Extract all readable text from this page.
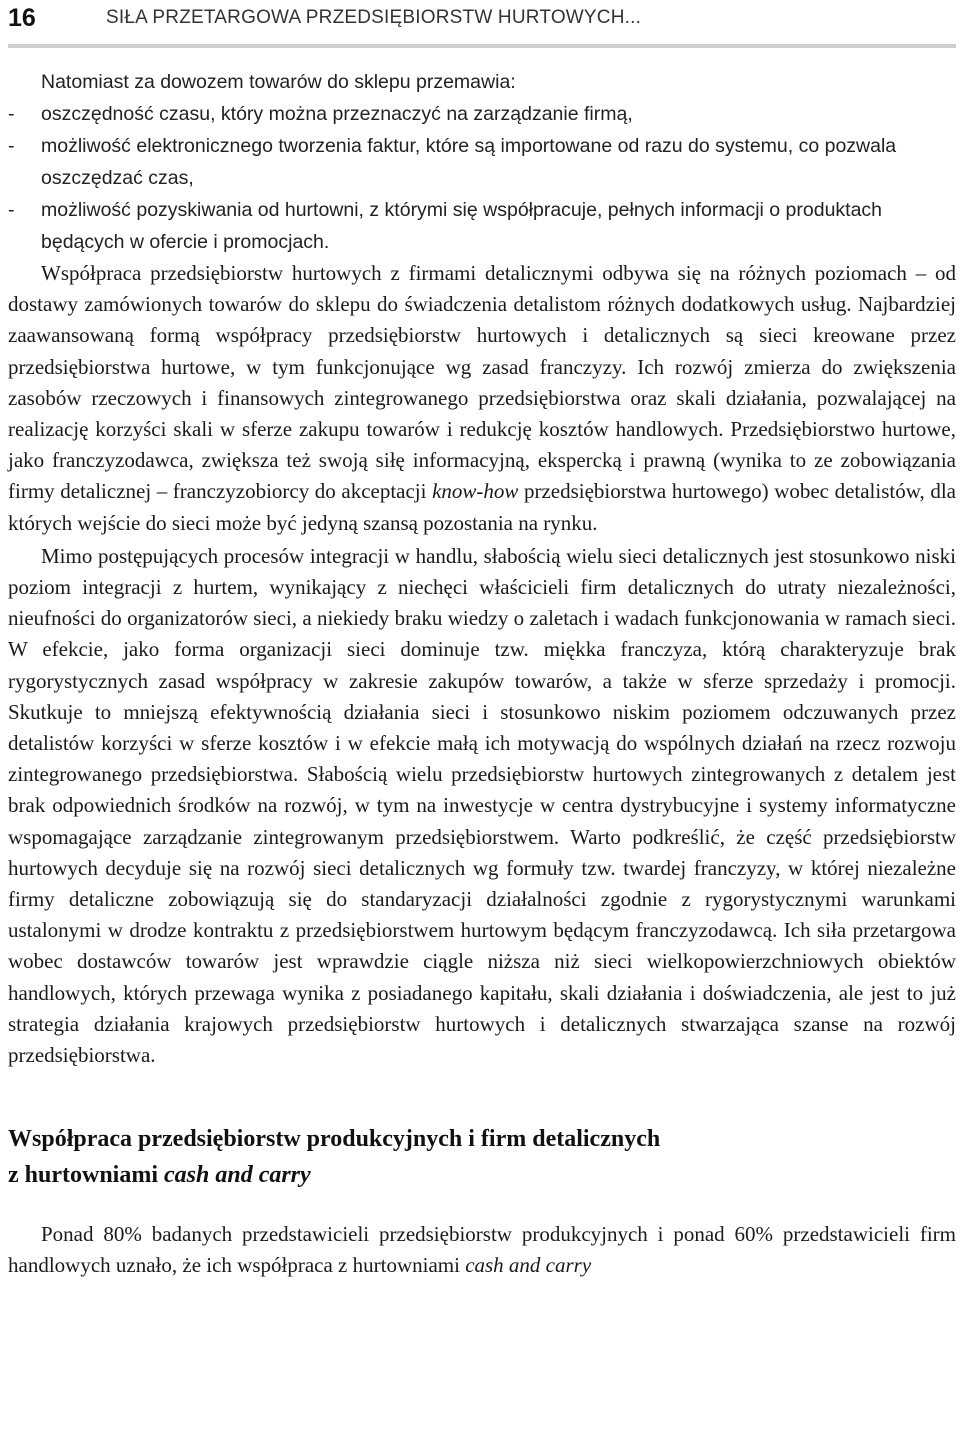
16	SIŁA PRZETARGOWA PRZEDSIĘBIORSTW HURTOWYCH...
Natomiast za dowozem towarów do sklepu przemawia:
-	oszczędność czasu, który można przeznaczyć na zarządzanie firmą,
-	możliwość elektronicznego tworzenia faktur, które są importowane od razu do systemu, co pozwala oszczędzać czas,
-	możliwość pozyskiwania od hurtowni, z którymi się współpracuje, pełnych informacji o produktach będących w ofercie i promocjach.

Współpraca przedsiębiorstw hurtowych z firmami detalicznymi odbywa się na różnych poziomach – od dostawy zamówionych towarów do sklepu do świadczenia detalistom różnych dodatkowych usług. Najbardziej zaawansowaną formą współpracy przedsiębiorstw hurtowych i detalicznych są sieci kreowane przez przedsiębiorstwa hurtowe, w tym funkcjonujące wg zasad franczyzy. Ich rozwój zmierza do zwiększenia zasobów rzeczowych i finansowych zintegrowanego przedsiębiorstwa oraz skali działania, pozwalającej na realizację korzyści skali w sferze zakupu towarów i redukcję kosztów handlowych. Przedsiębiorstwo hurtowe, jako franczyzodawca, zwiększa też swoją siłę informacyjną, ekspercką i prawną (wynika to ze zobowiązania firmy detalicznej – franczyzobiorcy do akceptacji know-how przedsiębiorstwa hurtowego) wobec detalistów, dla których wejście do sieci może być jedyną szansą pozostania na rynku.

Mimo postępujących procesów integracji w handlu, słabością wielu sieci detalicznych jest stosunkowo niski poziom integracji z hurtem, wynikający z niechęci właścicieli firm detalicznych do utraty niezależności, nieufności do organizatorów sieci, a niekiedy braku wiedzy o zaletach i wadach funkcjonowania w ramach sieci. W efekcie, jako forma organizacji sieci dominuje tzw. miękka franczyza, którą charakteryzuje brak rygorystycznych zasad współpracy w zakresie zakupów towarów, a także w sferze sprzedaży i promocji. Skutkuje to mniejszą efektywnością działania sieci i stosunkowo niskim poziomem odczuwanych przez detalistów korzyści w sferze kosztów i w efekcie małą ich motywacją do wspólnych działań na rzecz rozwoju zintegrowanego przedsiębiorstwa. Słabością wielu przedsiębiorstw hurtowych zintegrowanych z detalem jest brak odpowiednich środków na rozwój, w tym na inwestycje w centra dystrybucyjne i systemy informatyczne wspomagające zarządzanie zintegrowanym przedsiębiorstwem. Warto podkreślić, że część przedsiębiorstw hurtowych decyduje się na rozwój sieci detalicznych wg formuły tzw. twardej franczyzy, w której niezależne firmy detaliczne zobowiązują się do standaryzacji działalności zgodnie z rygorystycznymi warunkami ustalonymi w drodze kontraktu z przedsiębiorstwem hurtowym będącym franczyzodawcą. Ich siła przetargowa wobec dostawców towarów jest wprawdzie ciągle niższa niż sieci wielkopowierzchniowych obiektów handlowych, których przewaga wynika z posiadanego kapitału, skali działania i doświadczenia, ale jest to już strategia działania krajowych przedsiębiorstw hurtowych i detalicznych stwarzająca szanse na rozwój przedsiębiorstwa.

Współpraca przedsiębiorstw produkcyjnych i firm detalicznych
z hurtowniami cash and carry

Ponad 80% badanych przedstawicieli przedsiębiorstw produkcyjnych i ponad 60% przedstawicieli firm handlowych uznało, że ich współpraca z hurtowniami cash and carry
